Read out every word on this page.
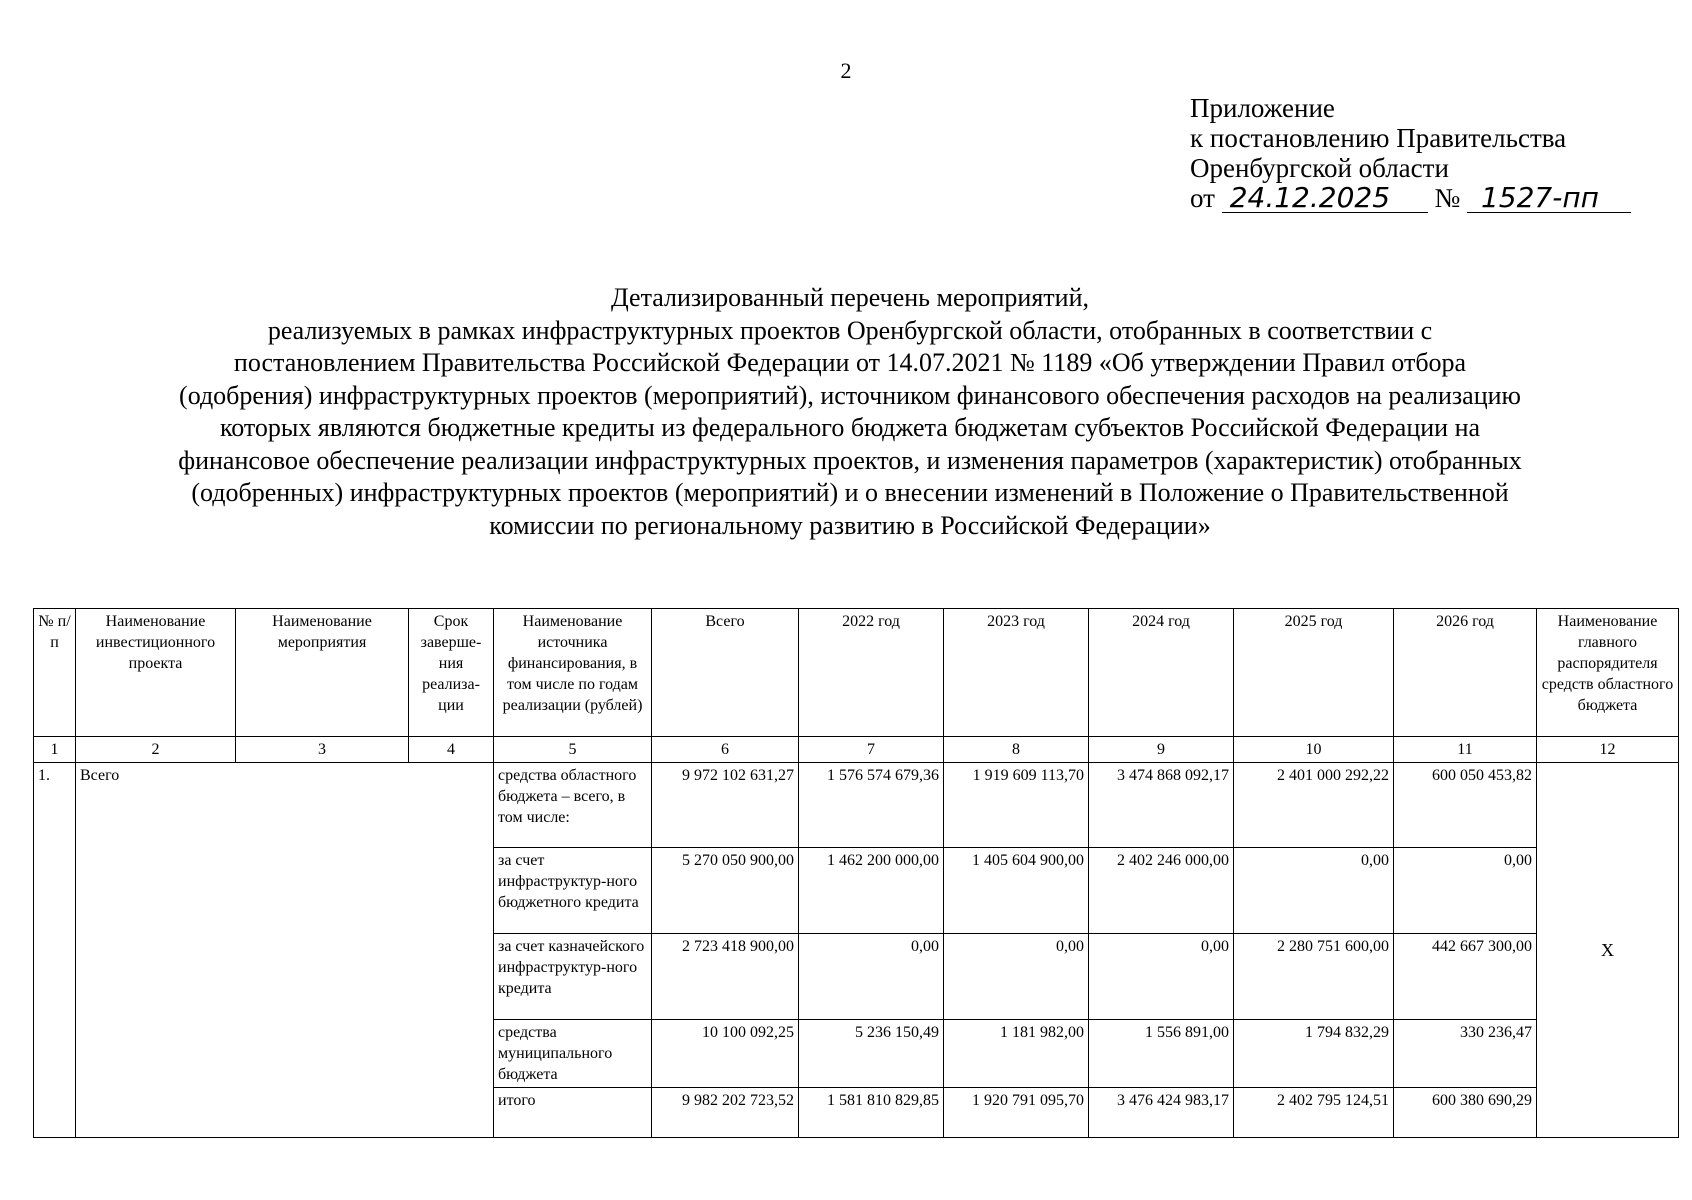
2
Приложение
к постановлению Правительства
Оренбургской области
от 24.12.2025 № 1527-пп
Детализированный перечень мероприятий,
реализуемых в рамках инфраструктурных проектов Оренбургской области, отобранных в соответствии с
постановлением Правительства Российской Федерации от 14.07.2021 № 1189 «Об утверждении Правил отбора
(одобрения) инфраструктурных проектов (мероприятий), источником финансового обеспечения расходов на реализацию
которых являются бюджетные кредиты из федерального бюджета бюджетам субъектов Российской Федерации на
финансовое обеспечение реализации инфраструктурных проектов, и изменения параметров (характеристик) отобранных
(одобренных) инфраструктурных проектов (мероприятий) и о внесении изменений в Положение о Правительственной
комиссии по региональному развитию в Российской Федерации»
№ п/п	Наименование инвестиционного проекта	Наименование мероприятия	Срок заверше-ния реализа-ции	Наименование источника финансирования, в том числе по годам реализации (рублей)	Всего	2022 год	2023 год	2024 год	2025 год	2026 год	Наименование главного распорядителя средств областного бюджета
1	2	3	4	5	6	7	8	9	10	11	12
1.	Всего			средства областного бюджета – всего, в том числе:	9 972 102 631,27	1 576 574 679,36	1 919 609 113,70	3 474 868 092,17	2 401 000 292,22	600 050 453,82	Х
				за счет инфраструктур-ного бюджетного кредита	5 270 050 900,00	1 462 200 000,00	1 405 604 900,00	2 402 246 000,00	0,00	0,00	
				за счет казначейского инфраструктур-ного кредита	2 723 418 900,00	0,00	0,00	0,00	2 280 751 600,00	442 667 300,00	
				средства муниципального бюджета	10 100 092,25	5 236 150,49	1 181 982,00	1 556 891,00	1 794 832,29	330 236,47	
				итого	9 982 202 723,52	1 581 810 829,85	1 920 791 095,70	3 476 424 983,17	2 402 795 124,51	600 380 690,29	
